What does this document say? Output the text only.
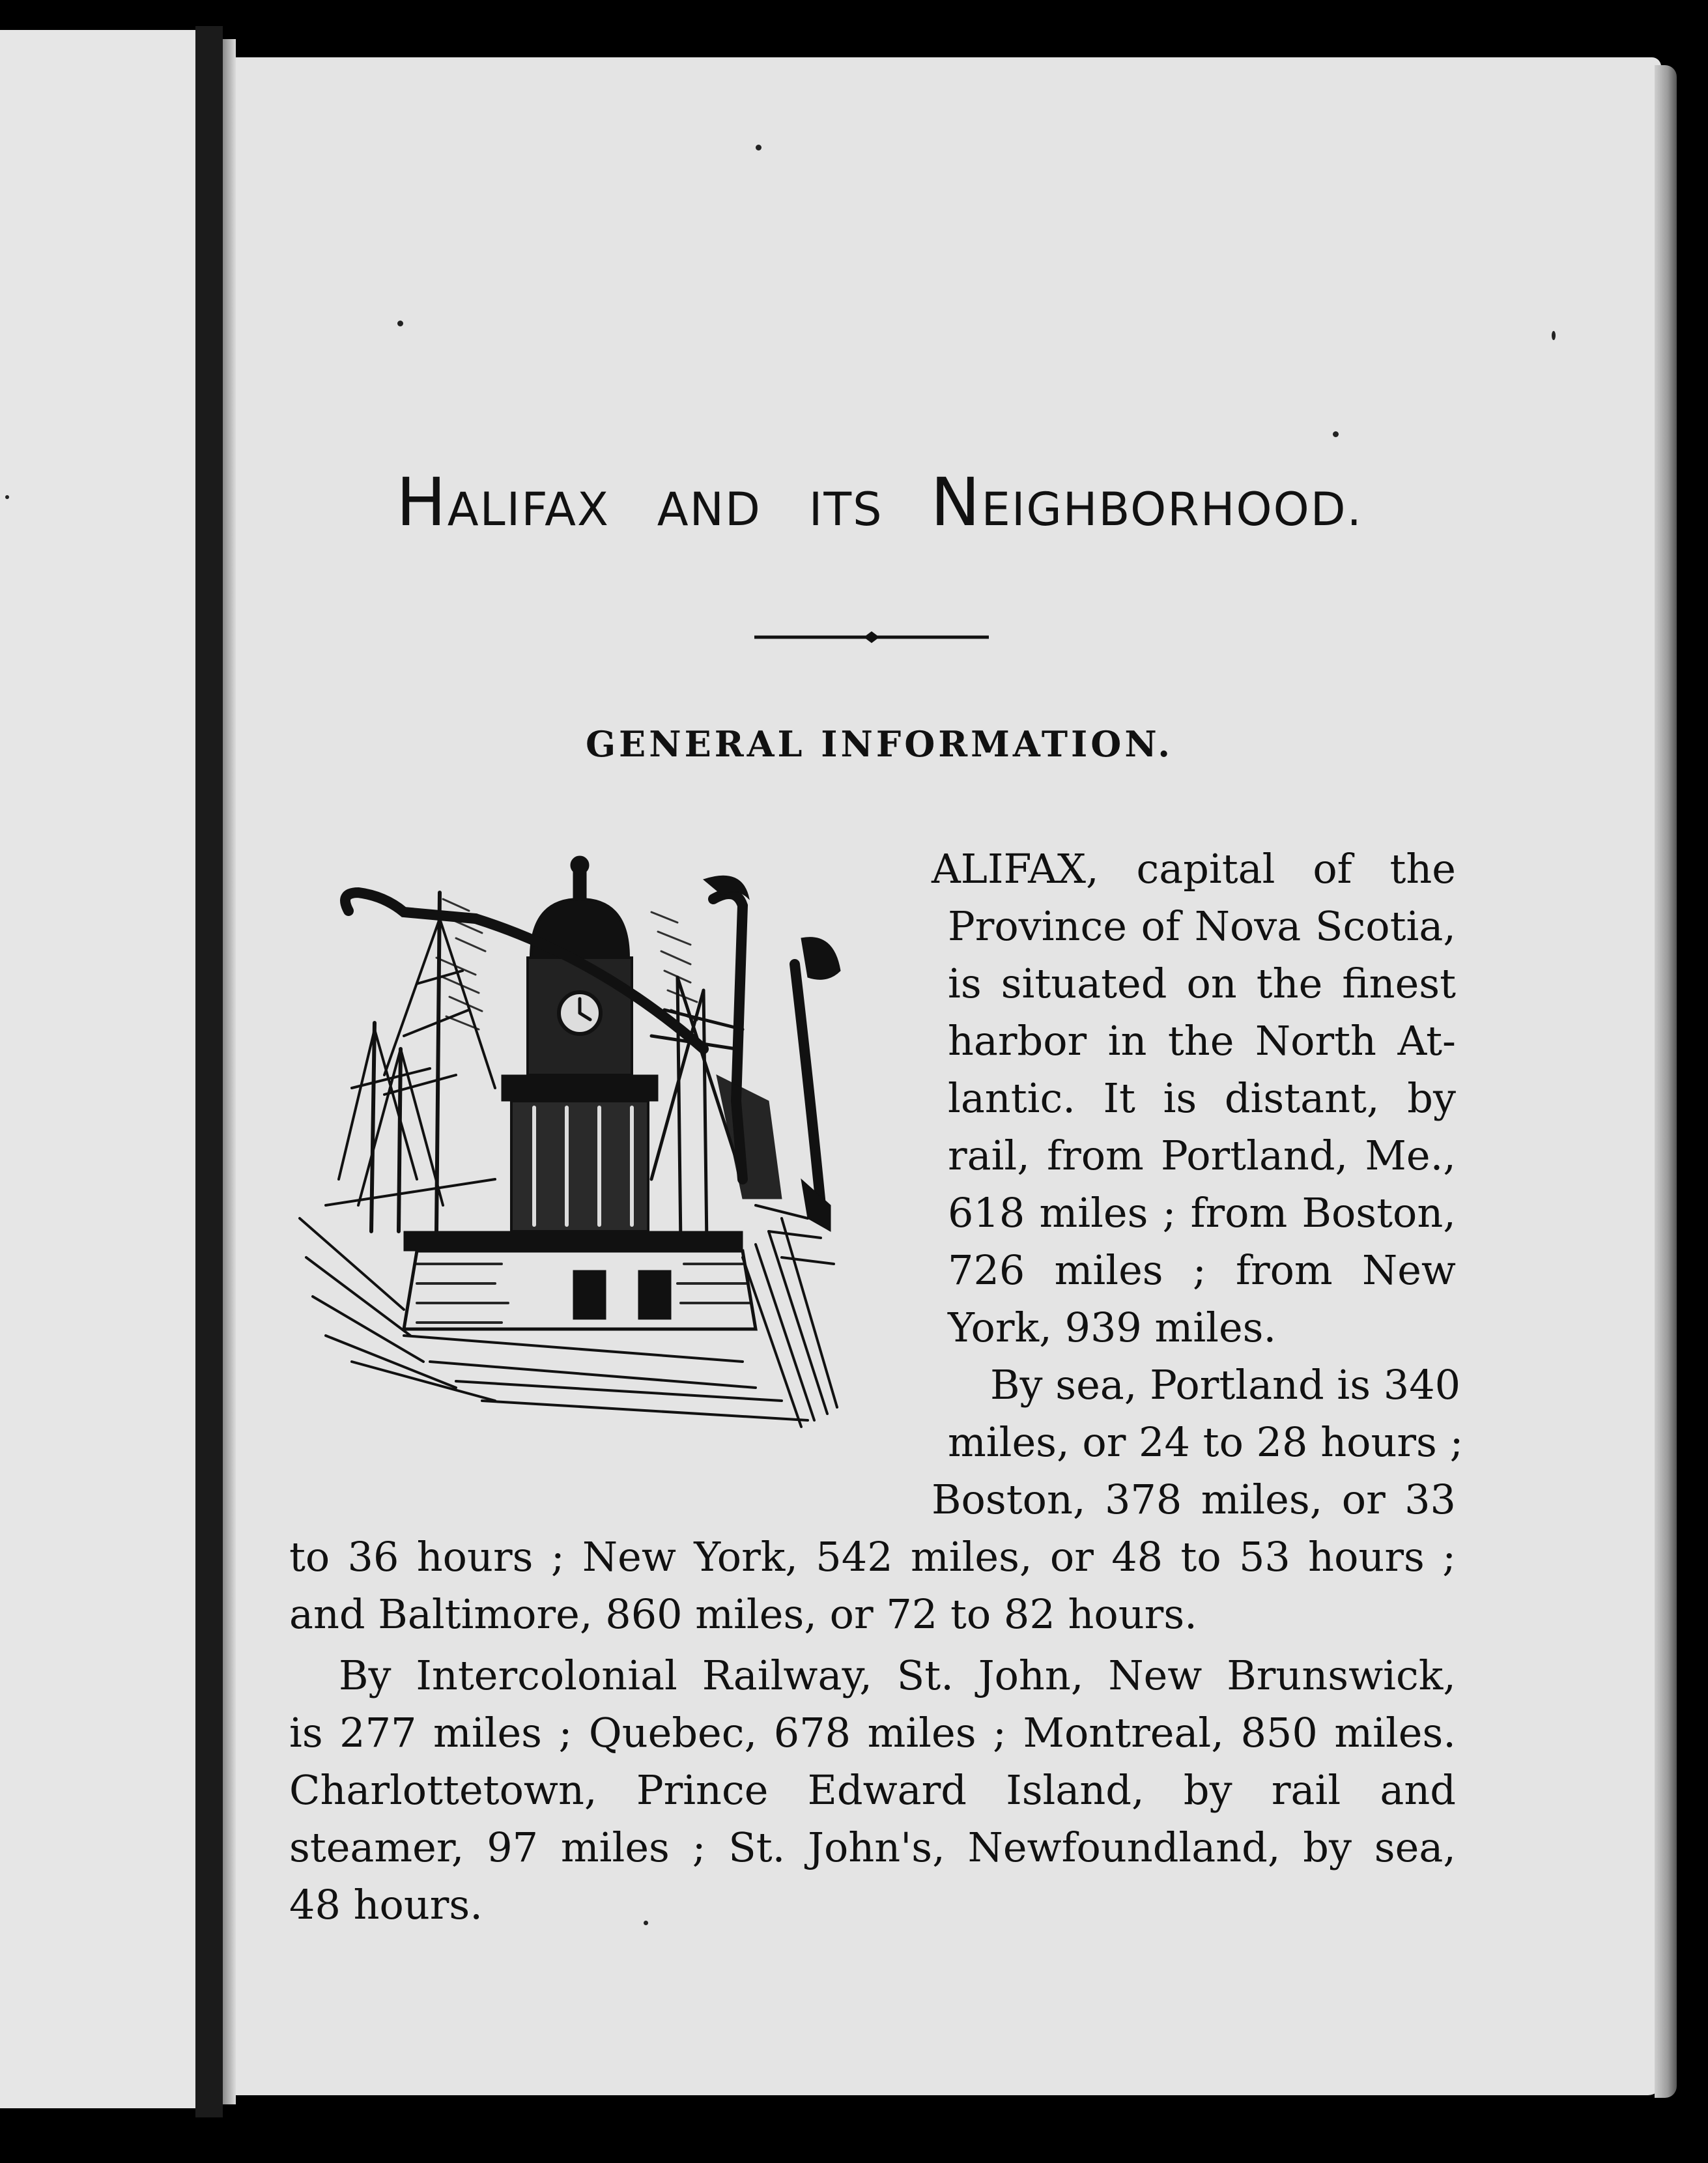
HALIFAX AND ITS NEIGHBORHOOD.
GENERAL INFORMATION.
ALIFAX, capital of the
Province of Nova Scotia,
is situated on the finest
harbor in the North At-
lantic. It is distant, by
rail, from Portland, Me.,
618 miles ; from Boston,
726 miles ; from New
York, 939 miles.
By sea, Portland is 340
miles, or 24 to 28 hours ;
Boston, 378 miles, or 33
to 36 hours ; New York, 542 miles, or 48 to 53 hours ;
and Baltimore, 860 miles, or 72 to 82 hours.
By Intercolonial Railway, St. John, New Brunswick,
is 277 miles ; Quebec, 678 miles ; Montreal, 850 miles.
Charlottetown, Prince Edward Island, by rail and
steamer, 97 miles ; St. John's, Newfoundland, by sea,
48 hours.
